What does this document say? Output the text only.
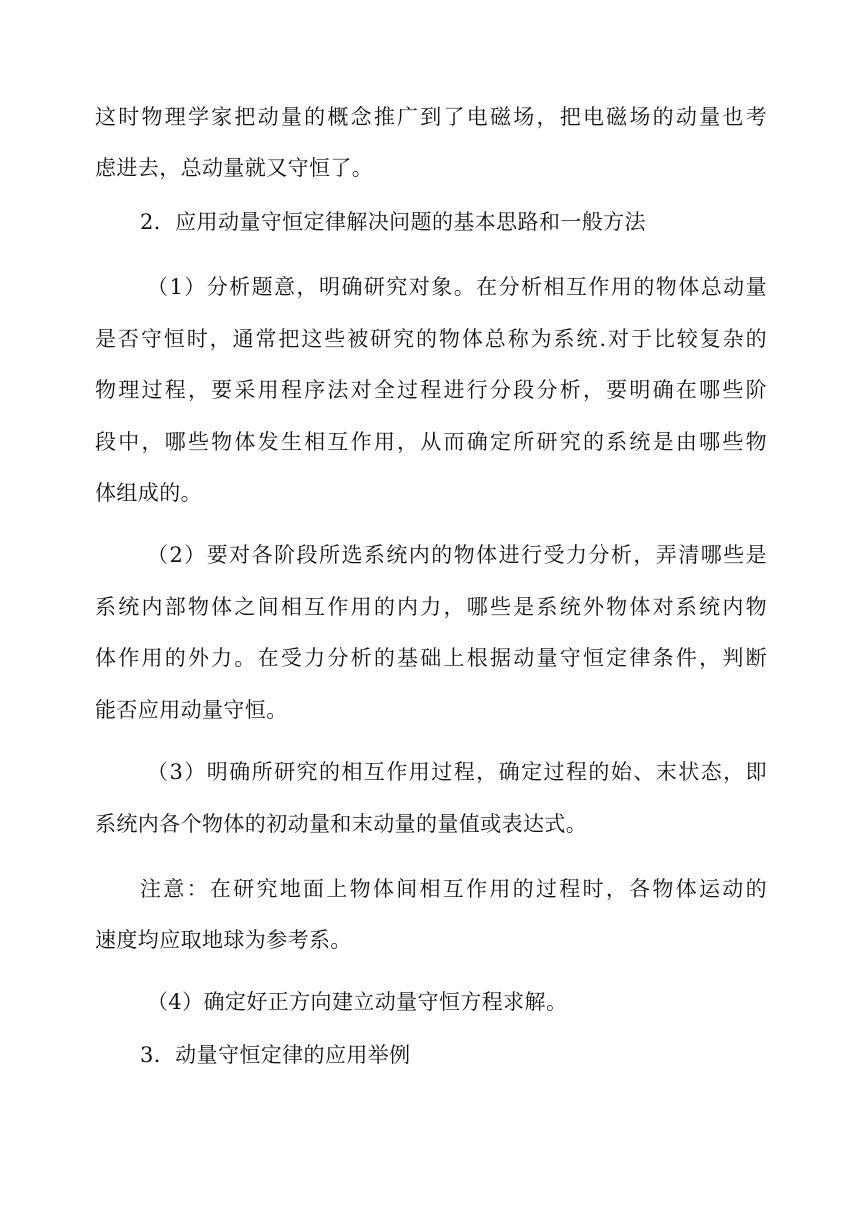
这时物理学家把动量的概念推广到了电磁场，把电磁场的动量也考
虑进去，总动量就又守恒了。
2．应用动量守恒定律解决问题的基本思路和一般方法
（1）分析题意，明确研究对象。在分析相互作用的物体总动量
是否守恒时，通常把这些被研究的物体总称为系统.对于比较复杂的
物理过程，要采用程序法对全过程进行分段分析，要明确在哪些阶
段中，哪些物体发生相互作用，从而确定所研究的系统是由哪些物
体组成的。
（2）要对各阶段所选系统内的物体进行受力分析，弄清哪些是
系统内部物体之间相互作用的内力，哪些是系统外物体对系统内物
体作用的外力。在受力分析的基础上根据动量守恒定律条件，判断
能否应用动量守恒。
（3）明确所研究的相互作用过程，确定过程的始、末状态，即
系统内各个物体的初动量和末动量的量值或表达式。
注意：在研究地面上物体间相互作用的过程时，各物体运动的
速度均应取地球为参考系。
（4）确定好正方向建立动量守恒方程求解。
3．动量守恒定律的应用举例
